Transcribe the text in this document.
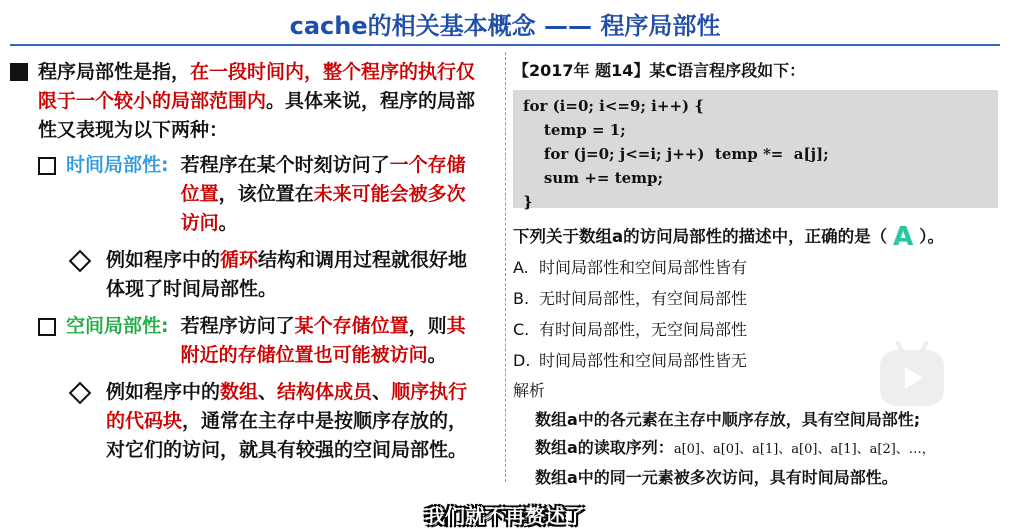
cache的相关基本概念 —— 程序局部性
程序局部性是指，在一段时间内，整个程序的执行仅限于一个较小的局部范围内。具体来说，程序的局部性又表现为以下两种：
时间局部性: 若程序在某个时刻访问了一个存储位置，该位置在未来可能会被多次访问。
例如程序中的循环结构和调用过程就很好地体现了时间局部性。
空间局部性: 若程序访问了某个存储位置，则其附近的存储位置也可能被访问。
例如程序中的数组、结构体成员、顺序执行的代码块，通常在主存中是按顺序存放的，对它们的访问，就具有较强的空间局部性。
【2017年 题14】某C语言程序段如下：
for (i=0; i<=9; i++) {
temp = 1;
for (j=0; j<=i; j++)  temp *=  a[j];
sum += temp;
}
下列关于数组a的访问局部性的描述中，正确的是（ A ）。
A. 时间局部性和空间局部性皆有
B. 无时间局部性，有空间局部性
C. 有时间局部性，无空间局部性
D. 时间局部性和空间局部性皆无
解析
数组a中的各元素在主存中顺序存放，具有空间局部性;
数组a的读取序列：a[0]、a[0]、a[1]、a[0]、a[1]、a[2]、…，
数组a中的同一元素被多次访问，具有时间局部性。
我们就不再赘述了
